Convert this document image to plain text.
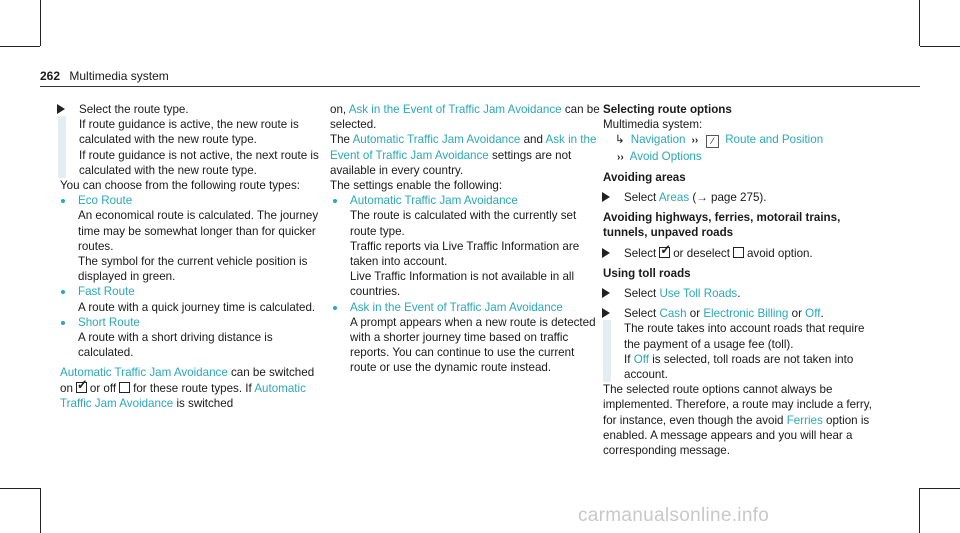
262 Multimedia system

Select the route type.

If route guidance is active, the new route is calculated with the new route type.

If route guidance is not active, the next route is calculated with the new route type.

You can choose from the following route types:

Eco Route

An economical route is calculated. The journey time may be somewhat longer than for quicker routes.

The symbol for the current vehicle position is displayed in green.

Fast Route

A route with a quick journey time is calculated.

Short Route

A route with a short driving distance is calculated.

Automatic Traffic Jam Avoidance can be switched on ✓ or off for these route types. If Automatic Traffic Jam Avoidance is switched

on, Ask in the Event of Traffic Jam Avoidance can be selected.

The Automatic Traffic Jam Avoidance and Ask in the Event of Traffic Jam Avoidance settings are not available in every country.

The settings enable the following:

Automatic Traffic Jam Avoidance

The route is calculated with the currently set route type.

Traffic reports via Live Traffic Information are taken into account.

Live Traffic Information is not available in all countries.

Ask in the Event of Traffic Jam Avoidance

A prompt appears when a new route is detected with a shorter journey time based on traffic reports. You can continue to use the current route or use the dynamic route instead.

Selecting route options

Multimedia system:

↳ Navigation ›› ⁄ Route and Position

›› Avoid Options

Avoiding areas

Select Areas (→ page 275).

Avoiding highways, ferries, motorail trains, tunnels, unpaved roads

Select ✓ or deselect avoid option.

Using toll roads

Select Use Toll Roads.

Select Cash or Electronic Billing or Off.

The route takes into account roads that require the payment of a usage fee (toll).

If Off is selected, toll roads are not taken into account.

The selected route options cannot always be implemented. Therefore, a route may include a ferry, for instance, even though the avoid Ferries option is enabled. A message appears and you will hear a corresponding message.

carmanualsonline.info
